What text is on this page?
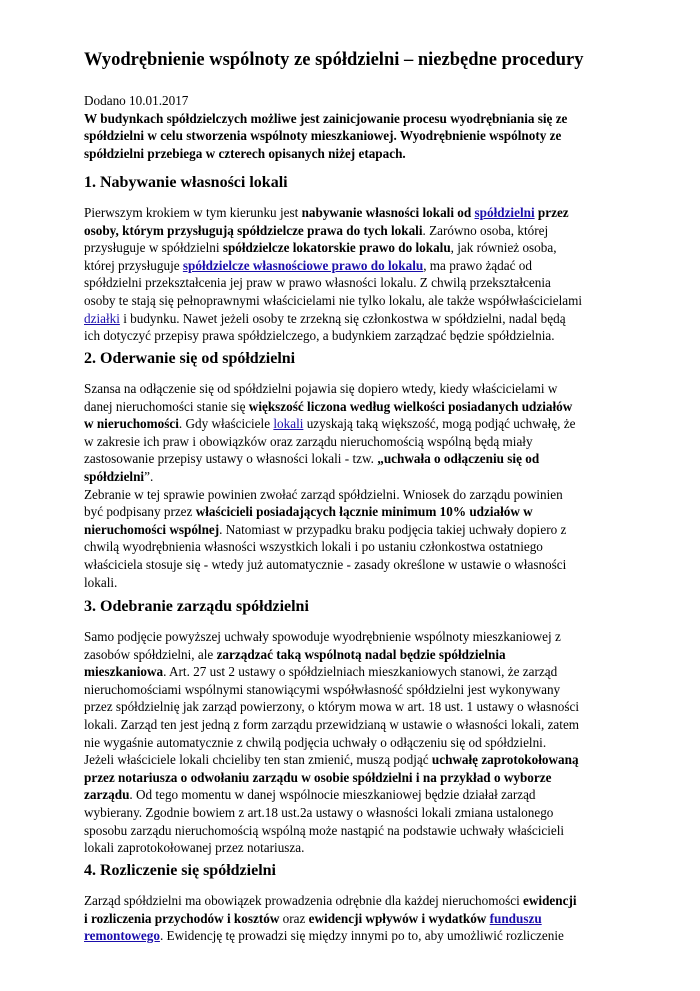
Wyodrębnienie wspólnoty ze spółdzielni – niezbędne procedury
Dodano 10.01.2017
W budynkach spółdzielczych możliwe jest zainicjowanie procesu wyodrębniania się ze
spółdzielni w celu stworzenia wspólnoty mieszkaniowej. Wyodrębnienie wspólnoty ze
spółdzielni przebiega w czterech opisanych niżej etapach.
1. Nabywanie własności lokali
Pierwszym krokiem w tym kierunku jest nabywanie własności lokali od spółdzielni przez
osoby, którym przysługują spółdzielcze prawa do tych lokali. Zarówno osoba, której
przysługuje w spółdzielni spółdzielcze lokatorskie prawo do lokalu, jak również osoba,
której przysługuje spółdzielcze własnościowe prawo do lokalu, ma prawo żądać od
spółdzielni przekształcenia jej praw w prawo własności lokalu. Z chwilą przekształcenia
osoby te stają się pełnoprawnymi właścicielami nie tylko lokalu, ale także współwłaścicielami
działki i budynku. Nawet jeżeli osoby te zrzekną się członkostwa w spółdzielni, nadal będą
ich dotyczyć przepisy prawa spółdzielczego, a budynkiem zarządzać będzie spółdzielnia.
2. Oderwanie się od spółdzielni
Szansa na odłączenie się od spółdzielni pojawia się dopiero wtedy, kiedy właścicielami w
danej nieruchomości stanie się większość liczona według wielkości posiadanych udziałów
w nieruchomości. Gdy właściciele lokali uzyskają taką większość, mogą podjąć uchwałę, że
w zakresie ich praw i obowiązków oraz zarządu nieruchomością wspólną będą miały
zastosowanie przepisy ustawy o własności lokali - tzw. „uchwała o odłączeniu się od
spółdzielni”.
Zebranie w tej sprawie powinien zwołać zarząd spółdzielni. Wniosek do zarządu powinien
być podpisany przez właścicieli posiadających łącznie minimum 10% udziałów w
nieruchomości wspólnej. Natomiast w przypadku braku podjęcia takiej uchwały dopiero z
chwilą wyodrębnienia własności wszystkich lokali i po ustaniu członkostwa ostatniego
właściciela stosuje się - wtedy już automatycznie - zasady określone w ustawie o własności
lokali.
3. Odebranie zarządu spółdzielni
Samo podjęcie powyższej uchwały spowoduje wyodrębnienie wspólnoty mieszkaniowej z
zasobów spółdzielni, ale zarządzać taką wspólnotą nadal będzie spółdzielnia
mieszkaniowa. Art. 27 ust 2 ustawy o spółdzielniach mieszkaniowych stanowi, że zarząd
nieruchomościami wspólnymi stanowiącymi współwłasność spółdzielni jest wykonywany
przez spółdzielnię jak zarząd powierzony, o którym mowa w art. 18 ust. 1 ustawy o własności
lokali. Zarząd ten jest jedną z form zarządu przewidzianą w ustawie o własności lokali, zatem
nie wygaśnie automatycznie z chwilą podjęcia uchwały o odłączeniu się od spółdzielni.
Jeżeli właściciele lokali chcieliby ten stan zmienić, muszą podjąć uchwałę zaprotokołowaną
przez notariusza o odwołaniu zarządu w osobie spółdzielni i na przykład o wyborze
zarządu. Od tego momentu w danej wspólnocie mieszkaniowej będzie działał zarząd
wybierany. Zgodnie bowiem z art.18 ust.2a ustawy o własności lokali zmiana ustalonego
sposobu zarządu nieruchomością wspólną może nastąpić na podstawie uchwały właścicieli
lokali zaprotokołowanej przez notariusza.
4. Rozliczenie się spółdzielni
Zarząd spółdzielni ma obowiązek prowadzenia odrębnie dla każdej nieruchomości ewidencji
i rozliczenia przychodów i kosztów oraz ewidencji wpływów i wydatków funduszu
remontowego. Ewidencję tę prowadzi się między innymi po to, aby umożliwić rozliczenie
